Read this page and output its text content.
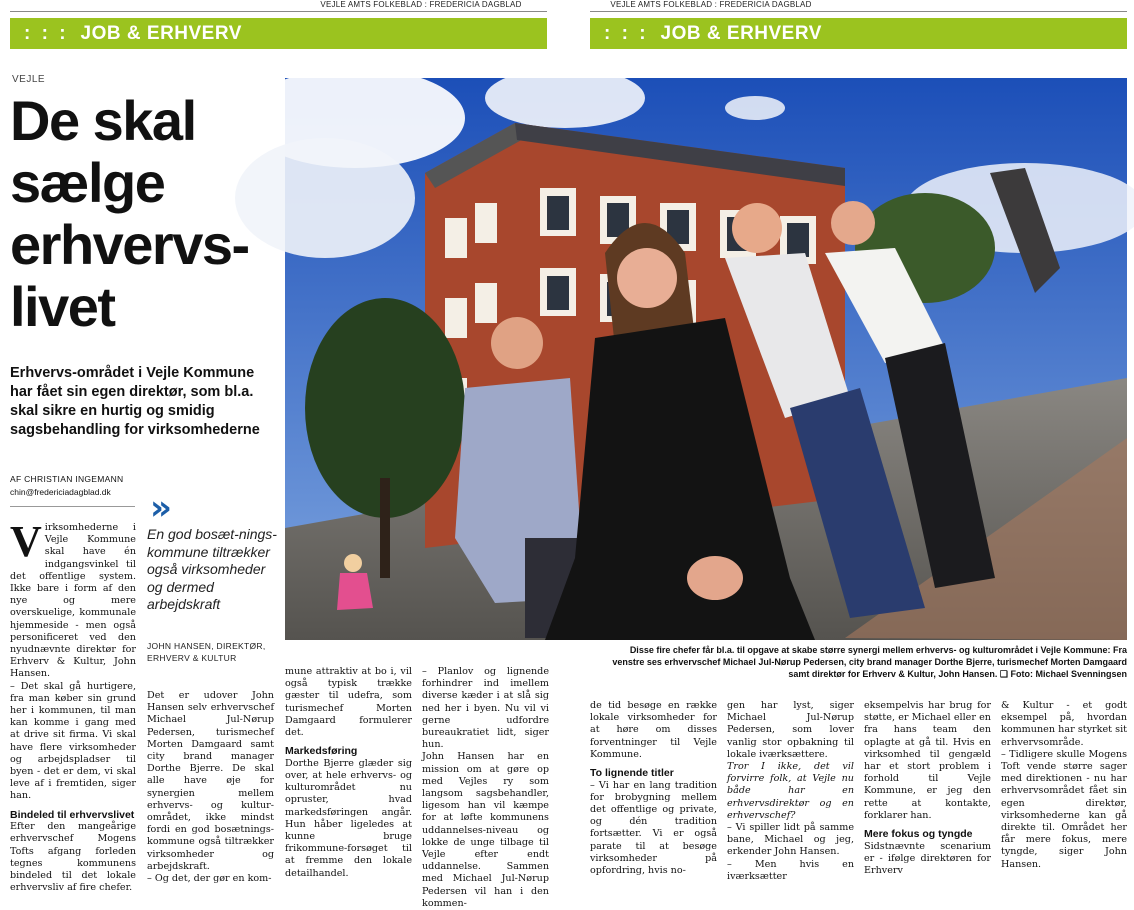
VEJLE AMTS FOLKEBLAD : FREDERICIA DAGBLAD	VEJLE AMTS FOLKEBLAD : FREDERICIA DAGBLAD
: : : JOB & ERHVERV	: : : JOB & ERHVERV
VEJLE
De skal sælge erhvervs-livet
Erhvervs-området i Vejle Kommune har fået sin egen direktør, som bl.a. skal sikre en hurtig og smidig sagsbehandling for virksomhederne
AF CHRISTIAN INGEMANN
chin@fredericiadagblad.dk »
En god bosæt-nings-kommune tiltrækker også virksomheder og dermed arbejdskraft
JOHN HANSEN, DIREKTØR, ERHVERV & KULTUR

Virksomhederne i Vejle Kommune skal have én indgangsvinkel til det offentlige system. Ikke bare i form af den nye og mere overskuelige, kommunale hjemmeside - men også personificeret ved den nyudnævnte direktør for Erhverv & Kultur, John Hansen.

– Det skal gå hurtigere, fra man køber sin grund her i kommunen, til man kan komme i gang med at drive sit firma. Vi skal have flere virksomheder og arbejdspladser til byen - det er dem, vi skal leve af i fremtiden, siger han.

Bindeled til erhvervslivet

Efter den mangeårige erhvervschef Mogens Tofts afgang forleden tegnes kommunens bindeled til det lokale erhvervsliv af fire chefer.

Det er udover John Hansen selv erhvervschef Michael Jul-Nørup Pedersen, turismechef Morten Damgaard samt city brand manager Dorthe Bjerre. De skal alle have øje for synergien mellem erhvervs- og kultur-området, ikke mindst fordi en god bosætnings-kommune også tiltrækker virksomheder og arbejdskraft.

– Og det, der gør en kom-

mune attraktiv at bo i, vil også typisk trække gæster til udefra, som turismechef Morten Damgaard formulerer det.

Markedsføring

Dorthe Bjerre glæder sig over, at hele erhvervs- og kulturområdet nu opruster, hvad markedsføringen angår. Hun håber ligeledes at kunne bruge frikommune-forsøget til at fremme den lokale detailhandel.

– Planlov og lignende forhindrer ind imellem diverse kæder i at slå sig ned her i byen. Nu vil vi gerne udfordre bureaukratiet lidt, siger hun.

John Hansen har en mission om at gøre op med Vejles ry som langsom sagsbehandler, ligesom han vil kæmpe for at løfte kommunens uddannelses-niveau og lokke de unge tilbage til Vejle efter endt uddannelse. Sammen med Michael Jul-Nørup Pedersen vil han i den kommen-

de tid besøge en række lokale virksomheder for at høre om disses forventninger til Vejle Kommune.

To lignende titler

– Vi har en lang tradition for brobygning mellem det offentlige og private, og dén tradition fortsætter. Vi er også parate til at besøge virksomheder på opfordring, hvis no-

gen har lyst, siger Michael Jul-Nørup Pedersen, som lover vanlig stor opbakning til lokale iværksættere.

Tror I ikke, det vil forvirre folk, at Vejle nu både har en erhvervsdirektør og en erhvervschef?

– Vi spiller lidt på samme bane, Michael og jeg, erkender John Hansen.

– Men hvis en iværksætter

eksempelvis har brug for støtte, er Michael eller en fra hans team den oplagte at gå til. Hvis en virksomhed til gengæld har et stort problem i forhold til Vejle Kommune, er jeg den rette at kontakte, forklarer han.

Mere fokus og tyngde

Sidstnævnte scenarium er - ifølge direktøren for Erhverv

& Kultur - et godt eksempel på, hvordan kommunen har styrket sit erhvervsområde.

– Tidligere skulle Mogens Toft vende større sager med direktionen - nu har erhvervsområdet fået sin egen direktør, virksomhederne kan gå direkte til. Området her får mere fokus, mere tyngde, siger John Hansen.

Disse fire chefer får bl.a. til opgave at skabe større synergi mellem erhvervs- og kulturområdet i Vejle Kommune: Fra venstre ses erhvervschef Michael Jul-Nørup Pedersen, city brand manager Dorthe Bjerre, turismechef Morten Damgaard samt direktør for Erhverv & Kultur, John Hansen. ❏ Foto: Michael Svenningsen
